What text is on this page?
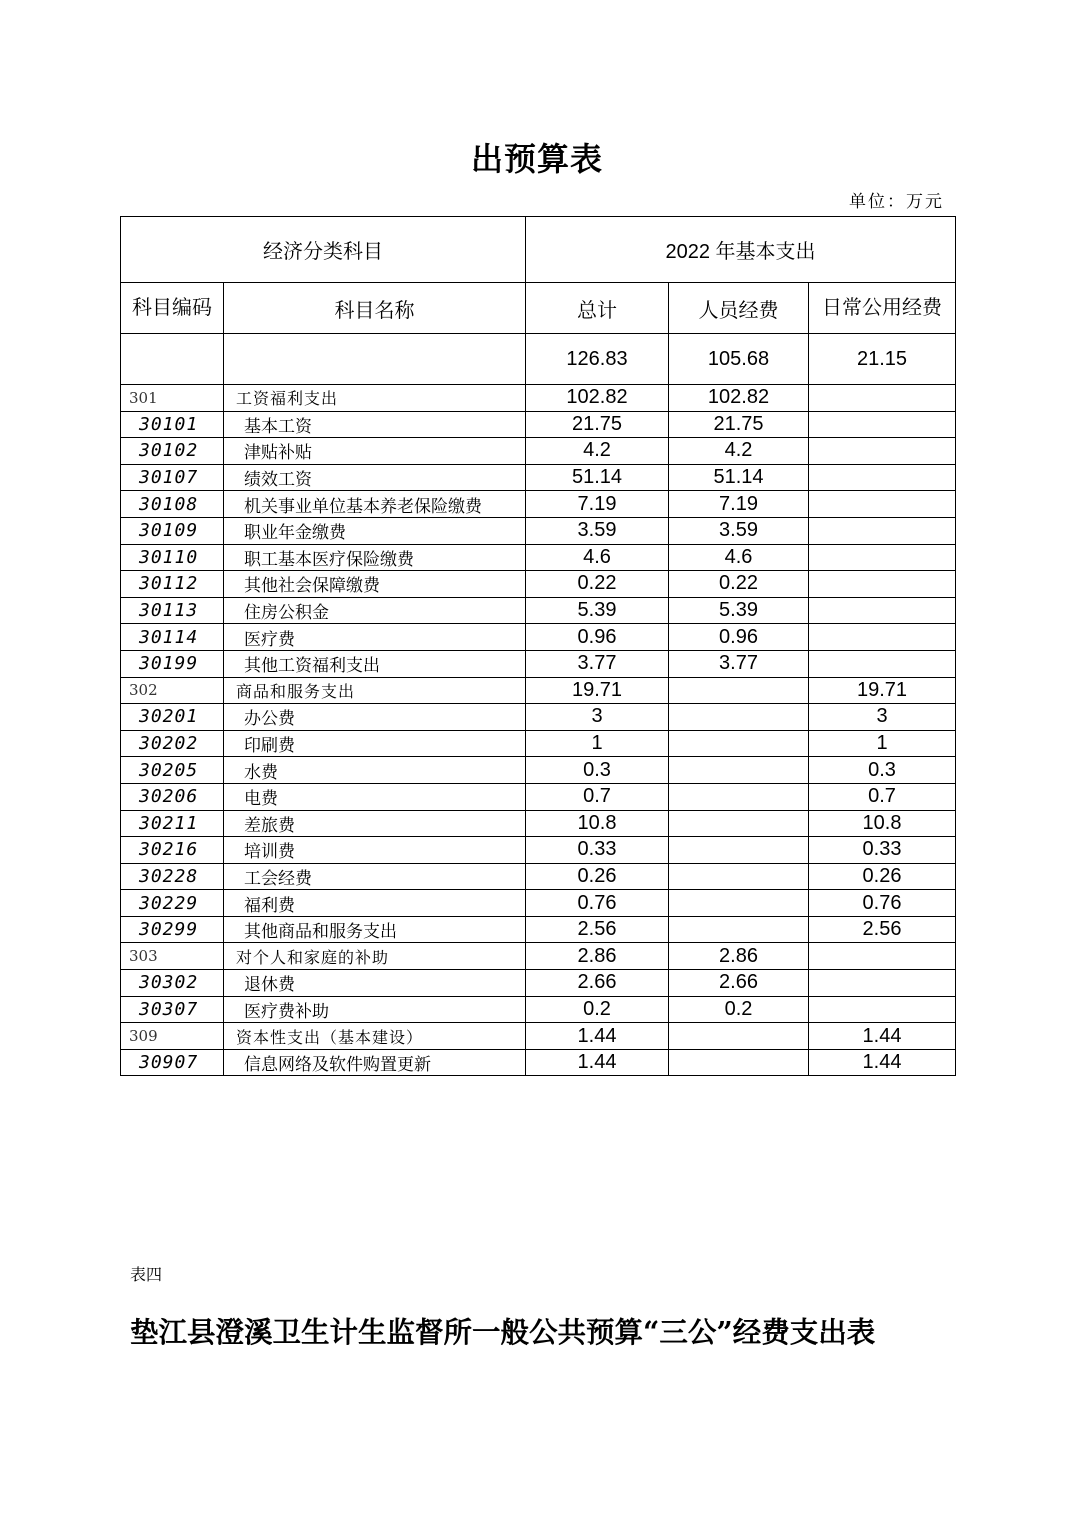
出预算表
单位：万元
经济分类科目		2022 年基本支出		
科目编码	科目名称	总计	人员经费	日常公用经费
		126.83	105.68	21.15
301	工资福利支出	102.82	102.82	
30101	基本工资	21.75	21.75	
30102	津贴补贴	4.2	4.2	
30107	绩效工资	51.14	51.14	
30108	机关事业单位基本养老保险缴费	7.19	7.19	
30109	职业年金缴费	3.59	3.59	
30110	职工基本医疗保险缴费	4.6	4.6	
30112	其他社会保障缴费	0.22	0.22	
30113	住房公积金	5.39	5.39	
30114	医疗费	0.96	0.96	
30199	其他工资福利支出	3.77	3.77	
302	商品和服务支出	19.71		19.71
30201	办公费	3		3
30202	印刷费	1		1
30205	水费	0.3		0.3
30206	电费	0.7		0.7
30211	差旅费	10.8		10.8
30216	培训费	0.33		0.33
30228	工会经费	0.26		0.26
30229	福利费	0.76		0.76
30299	其他商品和服务支出	2.56		2.56
303	对个人和家庭的补助	2.86	2.86	
30302	退休费	2.66	2.66	
30307	医疗费补助	0.2	0.2	
309	资本性支出（基本建设）	1.44		1.44
30907	信息网络及软件购置更新	1.44		1.44
表四
垫江县澄溪卫生计生监督所一般公共预算“三公”经费支出表
